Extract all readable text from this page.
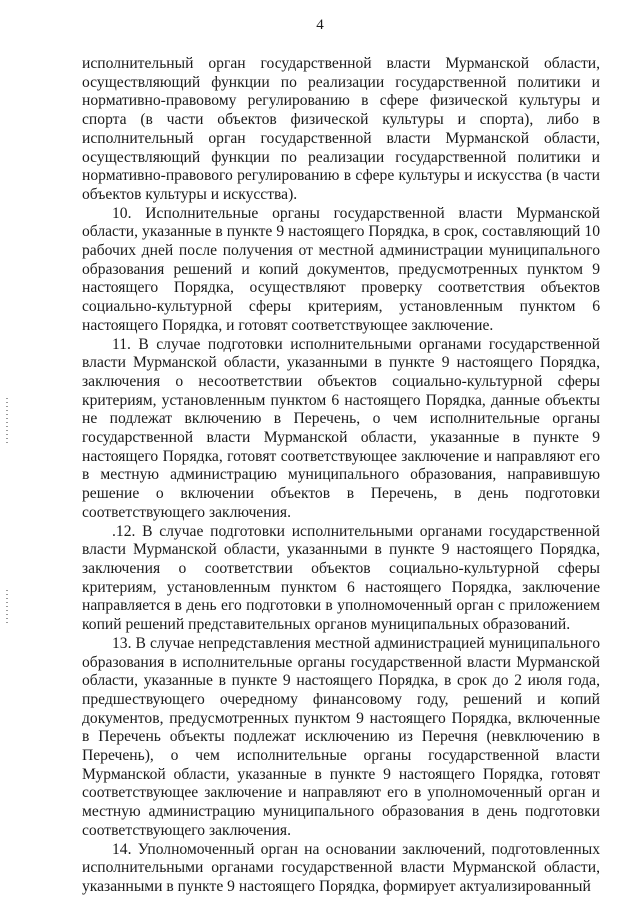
4

исполнительный орган государственной власти Мурманской области, осуществляющий функции по реализации государственной политики и нормативно-правовому регулированию в сфере физической культуры и спорта (в части объектов физической культуры и спорта), либо в исполнительный орган государственной власти Мурманской области, осуществляющий функции по реализации государственной политики и нормативно-правового регулированию в сфере культуры и искусства (в части объектов культуры и искусства).

10. Исполнительные органы государственной власти Мурманской области, указанные в пункте 9 настоящего Порядка, в срок, составляющий 10 рабочих дней после получения от местной администрации муниципального образования решений и копий документов, предусмотренных пунктом 9 настоящего Порядка, осуществляют проверку соответствия объектов социально-культурной сферы критериям, установленным пунктом 6 настоящего Порядка, и готовят соответствующее заключение.

11. В случае подготовки исполнительными органами государственной власти Мурманской области, указанными в пункте 9 настоящего Порядка, заключения о несоответствии объектов социально-культурной сферы критериям, установленным пунктом 6 настоящего Порядка, данные объекты не подлежат включению в Перечень, о чем исполнительные органы государственной власти Мурманской области, указанные в пункте 9 настоящего Порядка, готовят соответствующее заключение и направляют его в местную администрацию муниципального образования, направившую решение о включении объектов в Перечень, в день подготовки соответствующего заключения.

.12. В случае подготовки исполнительными органами государственной власти Мурманской области, указанными в пункте 9 настоящего Порядка, заключения о соответствии объектов социально-культурной сферы критериям, установленным пунктом 6 настоящего Порядка, заключение направляется в день его подготовки в уполномоченный орган с приложением копий решений представительных органов муниципальных образований.

13. В случае непредставления местной администрацией муниципального образования в исполнительные органы государственной власти Мурманской области, указанные в пункте 9 настоящего Порядка, в срок до 2 июля года, предшествующего очередному финансовому году, решений и копий документов, предусмотренных пунктом 9 настоящего Порядка, включенные в Перечень объекты подлежат исключению из Перечня (невключению в Перечень), о чем исполнительные органы государственной власти Мурманской области, указанные в пункте 9 настоящего Порядка, готовят соответствующее заключение и направляют его в уполномоченный орган и местную администрацию муниципального образования в день подготовки соответствующего заключения.

14. Уполномоченный орган на основании заключений, подготовленных исполнительными органами государственной власти Мурманской области, указанными в пункте 9 настоящего Порядка, формирует актуализированный
